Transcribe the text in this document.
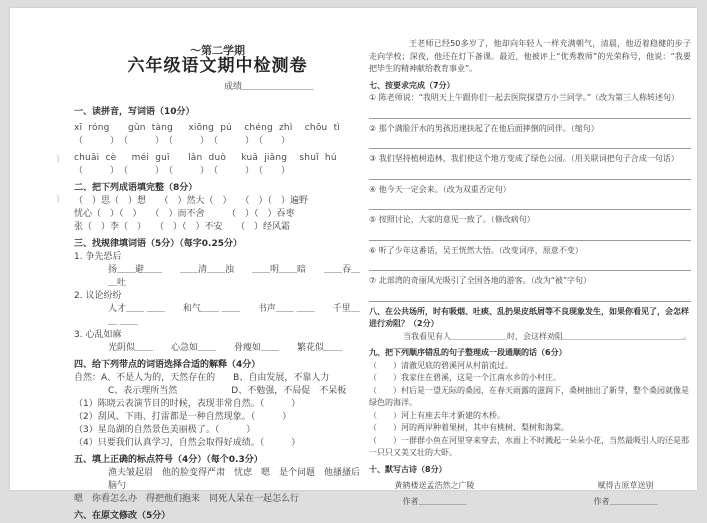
）
）
～第二学期
六年级语文期中检测卷
成绩＿＿＿＿＿＿＿＿
一、读拼音，写词语（10分）
xī  róng      gǔn  tàng     xiōng  pú    chéng  zhì    chōu  tì
（　　　）　（　　　）　（　　　）　（　　　）　（　　）
chuāi  cè     méi  guī      lǎn  duò     kuā  jiǎng    shuǐ  hú
（　　　）　（　　　）　（　　　）　（　　　）　（　　）
二、把下列成语填完整（8分）
（　）思（　）想　　（　）然大（　）　　（　）（　）遍野
忧心（　）（　）　　（　）而不舍　　　（　）（　）吞枣
张（　）李（　）　　（　）（　）不安　　（　）经风霜
三、找规律填词语（5分）（每字0.25分）
1. 争先恐后
扬＿＿避＿＿　　＿＿清＿＿浊　　＿＿明＿＿暗　　＿＿吞＿＿吐
2. 议论纷纷
人才＿＿ ＿＿　　和气＿＿ ＿＿　　书声＿＿ ＿＿　　千里＿＿ ＿＿
3. 心乱如麻
光阴似＿＿　　心急如＿＿　　骨瘦如＿＿　　繁花似＿＿
四、给下列带点的词语选择合适的解释（4分）
自然：A、不是人为的，天然存在的　　B、自由发展，不靠人力
C、表示理所当然　　　　　　D、不勉强，不局促　不呆板
（1）陈晓云表演节目的时候，表现非常自然。（　　　）
（2）刮风、下雨、打雷都是一种自然现象。（　　　）
（3）星岛湖的自然景色美丽极了。（　　　）
（4）只要我们认真学习，自然会取得好成绩。（　　　）
五、填上正确的标点符号（4分）（每个0.3分）
渔夫皱起眉　他的脸变得严肃　忧虑　嗯　是个问题　他搔搔后脑勺
嗯　你看怎么办　得把他们抱来　同死人呆在一起怎么行
六、在原文修改（5分）
王老师已经50多岁了，他却向年轻人一样充满朝气，清晨，他迈着稳健的步子走向学校；深夜，他还在灯下备课。最近，他被评上“优秀教师”的光荣称号，他说：“我要把毕生的精神献给教育事业”。
七、按要求完成（7分）
① 陈老师说：“我明天上午跟你们一起去医院探望方小兰同学。”（改为第三人称转述句）
② 那个满脸汗水的男孩迅速扶起了在他后面摔倒的同伴。（缩句）
③ 我们坚持植树造林，我们使这个地方变成了绿色公园。（用关联词把句子合成一句话）
④ 他今天一定会来。（改为双重否定句）
⑤ 按照讨论，大家的意见一致了。（修改病句）
⑥ 听了少年这番话，吴王恍然大悟。（改变词序，原意不变）
⑦ 北部湾的奇丽风光吸引了全国各地的游客。（改为“被”字句）
八、在公共场所，时有吸烟、吐痰、乱扔果皮纸屑等不良现象发生，如果你看见了，会怎样进行劝阻？（2分）
当我看见有人＿＿＿＿＿＿＿时，会这样劝阻＿＿＿＿＿＿＿＿＿＿＿＿＿＿＿。
九、把下列顺序错乱的句子整理成一段通顺的话（6分）
（　　）清澈见底的碧溪河从村前流过。
（　　）我家住在碧溪，这是一个江南水乡的小村庄。
（　　）村后是一望无际的桑园，在春天雨露的滋润下，桑树抽出了新芽，整个桑园就像是绿色的海洋。
（　　）河上有座去年才新建的木桥。
（　　）河的两岸种着果树，其中有桃树、梨树和海棠。
（　　）一群群小鱼在河里穿来穿去，水面上不时溅起一朵朵小花，当然最吸引人的还是那一只只又美又壮的大虾。
十、默写古诗（8分）
黄鹤楼送孟浩然之广陵
作者＿＿＿＿＿＿
赋得古原草送别
作者＿＿＿＿＿＿
